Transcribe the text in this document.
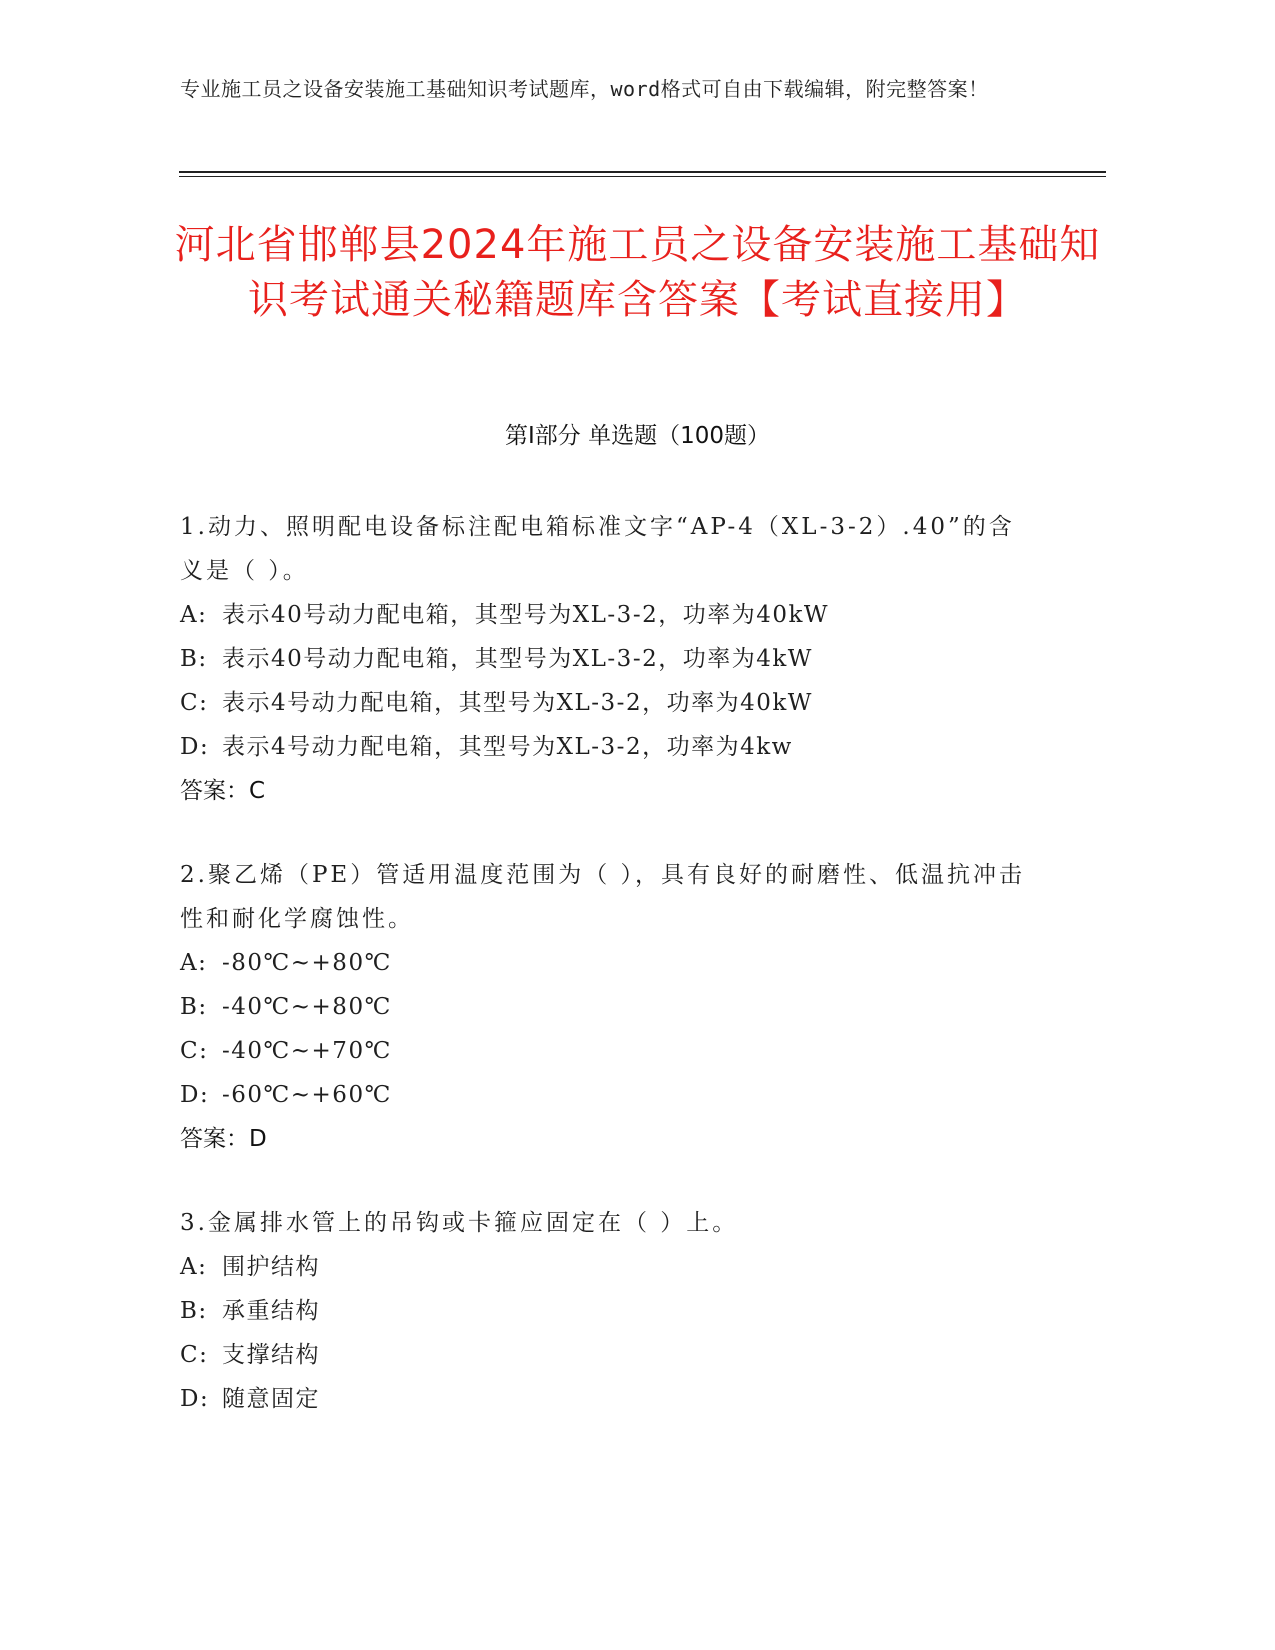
专业施工员之设备安装施工基础知识考试题库，word格式可自由下载编辑，附完整答案！
河北省邯郸县2024年施工员之设备安装施工基础知识考试通关秘籍题库含答案【考试直接用】
第Ⅰ部分 单选题（100题）
1.动力、照明配电设备标注配电箱标准文字“AP-4（XL-3-2）.40”的含义是（ ）。
A: 表示40号动力配电箱，其型号为XL-3-2，功率为40kW
B: 表示40号动力配电箱，其型号为XL-3-2，功率为4kW
C: 表示4号动力配电箱，其型号为XL-3-2，功率为40kW
D: 表示4号动力配电箱，其型号为XL-3-2，功率为4kw
答案：C
2.聚乙烯（PE）管适用温度范围为（ ），具有良好的耐磨性、低温抗冲击性和耐化学腐蚀性。
A: -80℃~+80℃
B: -40℃~+80℃
C: -40℃~+70℃
D: -60℃~+60℃
答案：D
3.金属排水管上的吊钩或卡箍应固定在（ ）上。
A: 围护结构
B: 承重结构
C: 支撑结构
D: 随意固定
